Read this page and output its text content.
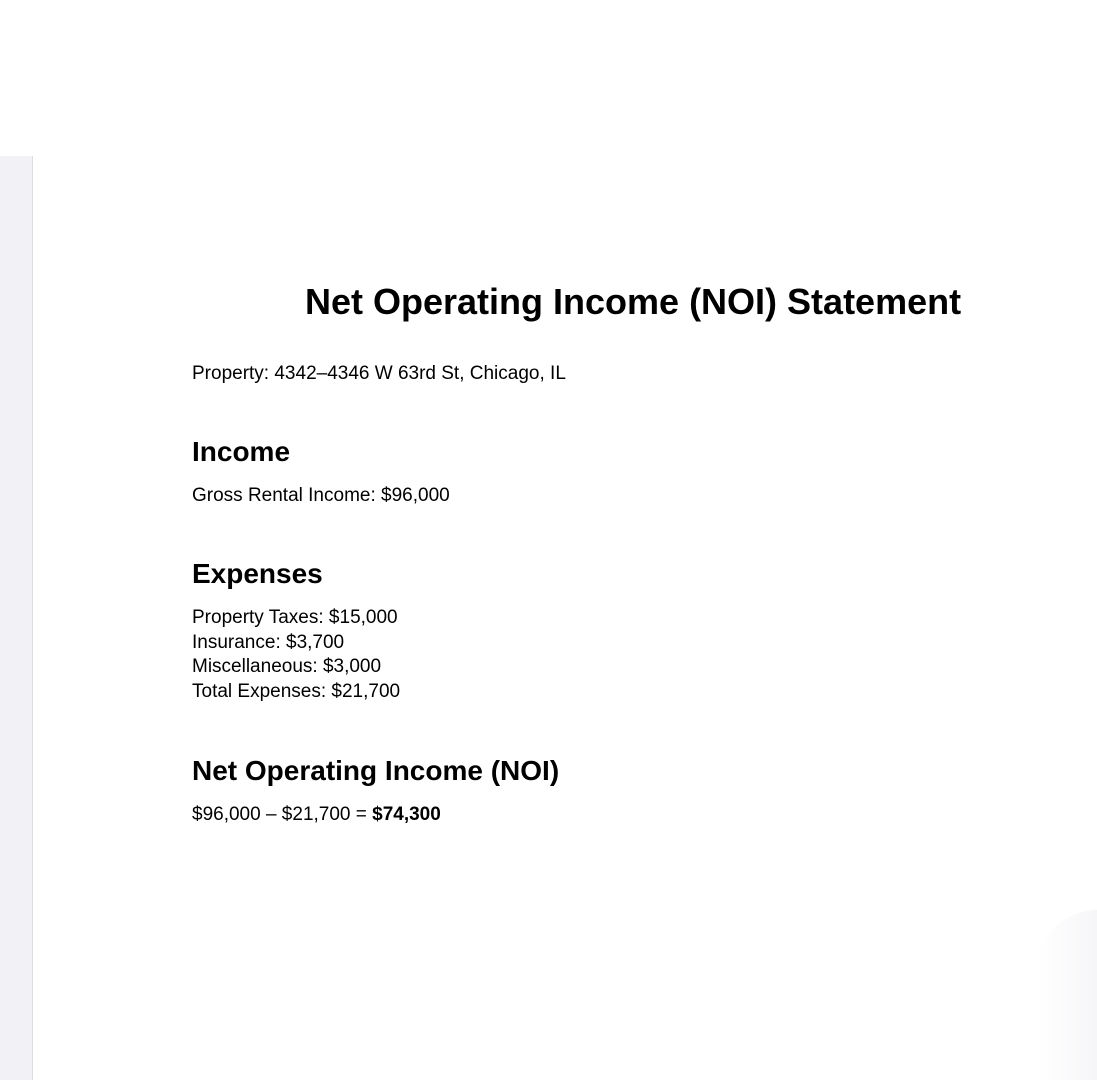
Net Operating Income (NOI) Statement

Property: 4342–4346 W 63rd St, Chicago, IL

Income

Gross Rental Income: $96,000

Expenses
Property Taxes: $15,000
Insurance: $3,700
Miscellaneous: $3,000
Total Expenses: $21,700
Net Operating Income (NOI)

$96,000 – $21,700 = $74,300
